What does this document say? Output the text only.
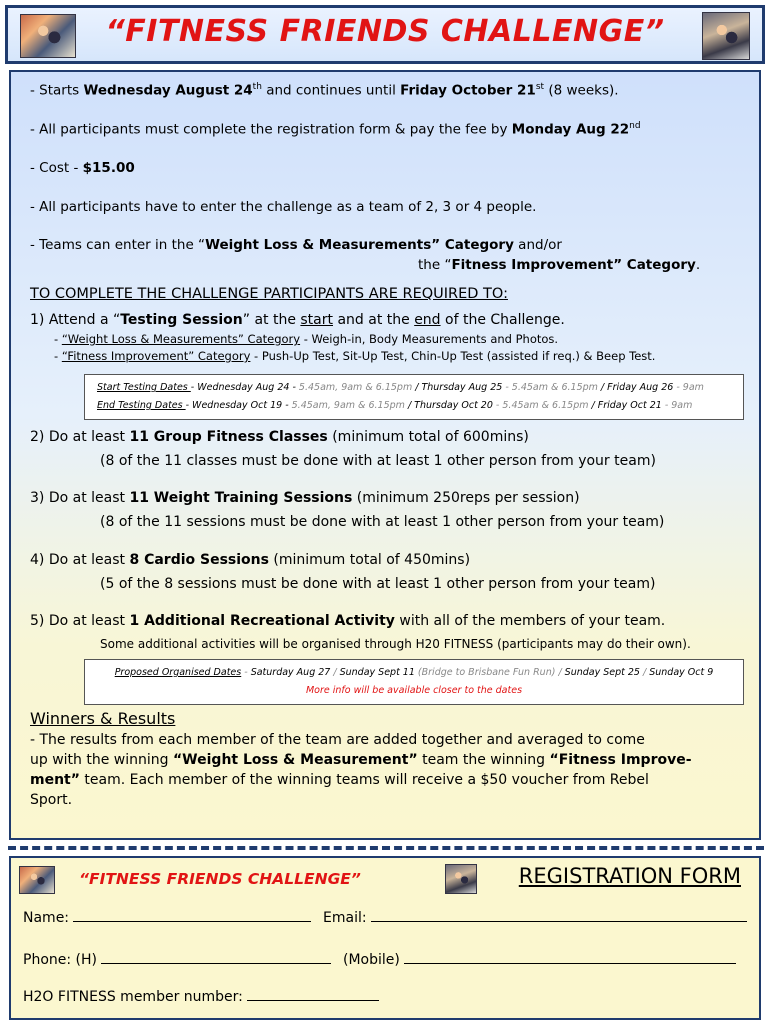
“FITNESS FRIENDS CHALLENGE”
- Starts Wednesday August 24th and continues until Friday October 21st (8 weeks).
- All participants must complete the registration form & pay the fee by Monday Aug 22nd
- Cost - $15.00
- All participants have to enter the challenge as a team of 2, 3 or 4 people.
- Teams can enter in the “Weight Loss & Measurements” Category and/or
the “Fitness Improvement” Category.
TO COMPLETE THE CHALLENGE PARTICIPANTS ARE REQUIRED TO:
1) Attend a “Testing Session” at the start and at the end of the Challenge.
- “Weight Loss & Measurements” Category - Weigh-in, Body Measurements and Photos.
- “Fitness Improvement” Category - Push-Up Test, Sit-Up Test, Chin-Up Test (assisted if req.) & Beep Test.
Start Testing Dates - Wednesday Aug 24 - 5.45am, 9am & 6.15pm / Thursday Aug 25 - 5.45am & 6.15pm / Friday Aug 26 - 9am
End Testing Dates - Wednesday Oct 19 - 5.45am, 9am & 6.15pm / Thursday Oct 20 - 5.45am & 6.15pm / Friday Oct 21 - 9am
2) Do at least 11 Group Fitness Classes (minimum total of 600mins)
(8 of the 11 classes must be done with at least 1 other person from your team)
3) Do at least 11 Weight Training Sessions (minimum 250reps per session)
(8 of the 11 sessions must be done with at least 1 other person from your team)
4) Do at least 8 Cardio Sessions (minimum total of 450mins)
(5 of the 8 sessions must be done with at least 1 other person from your team)
5) Do at least 1 Additional Recreational Activity with all of the members of your team.
Some additional activities will be organised through H20 FITNESS (participants may do their own).
Proposed Organised Dates - Saturday Aug 27 / Sunday Sept 11 (Bridge to Brisbane Fun Run) / Sunday Sept 25 / Sunday Oct 9
More info will be available closer to the dates
Winners & Results
- The results from each member of the team are added together and averaged to come
up with the winning “Weight Loss & Measurement” team the winning “Fitness Improve-
ment” team. Each member of the winning teams will receive a $50 voucher from Rebel
Sport.
“FITNESS FRIENDS CHALLENGE”	REGISTRATION FORM
Name:	Email:
Phone: (H)	(Mobile)
H2O FITNESS member number:
